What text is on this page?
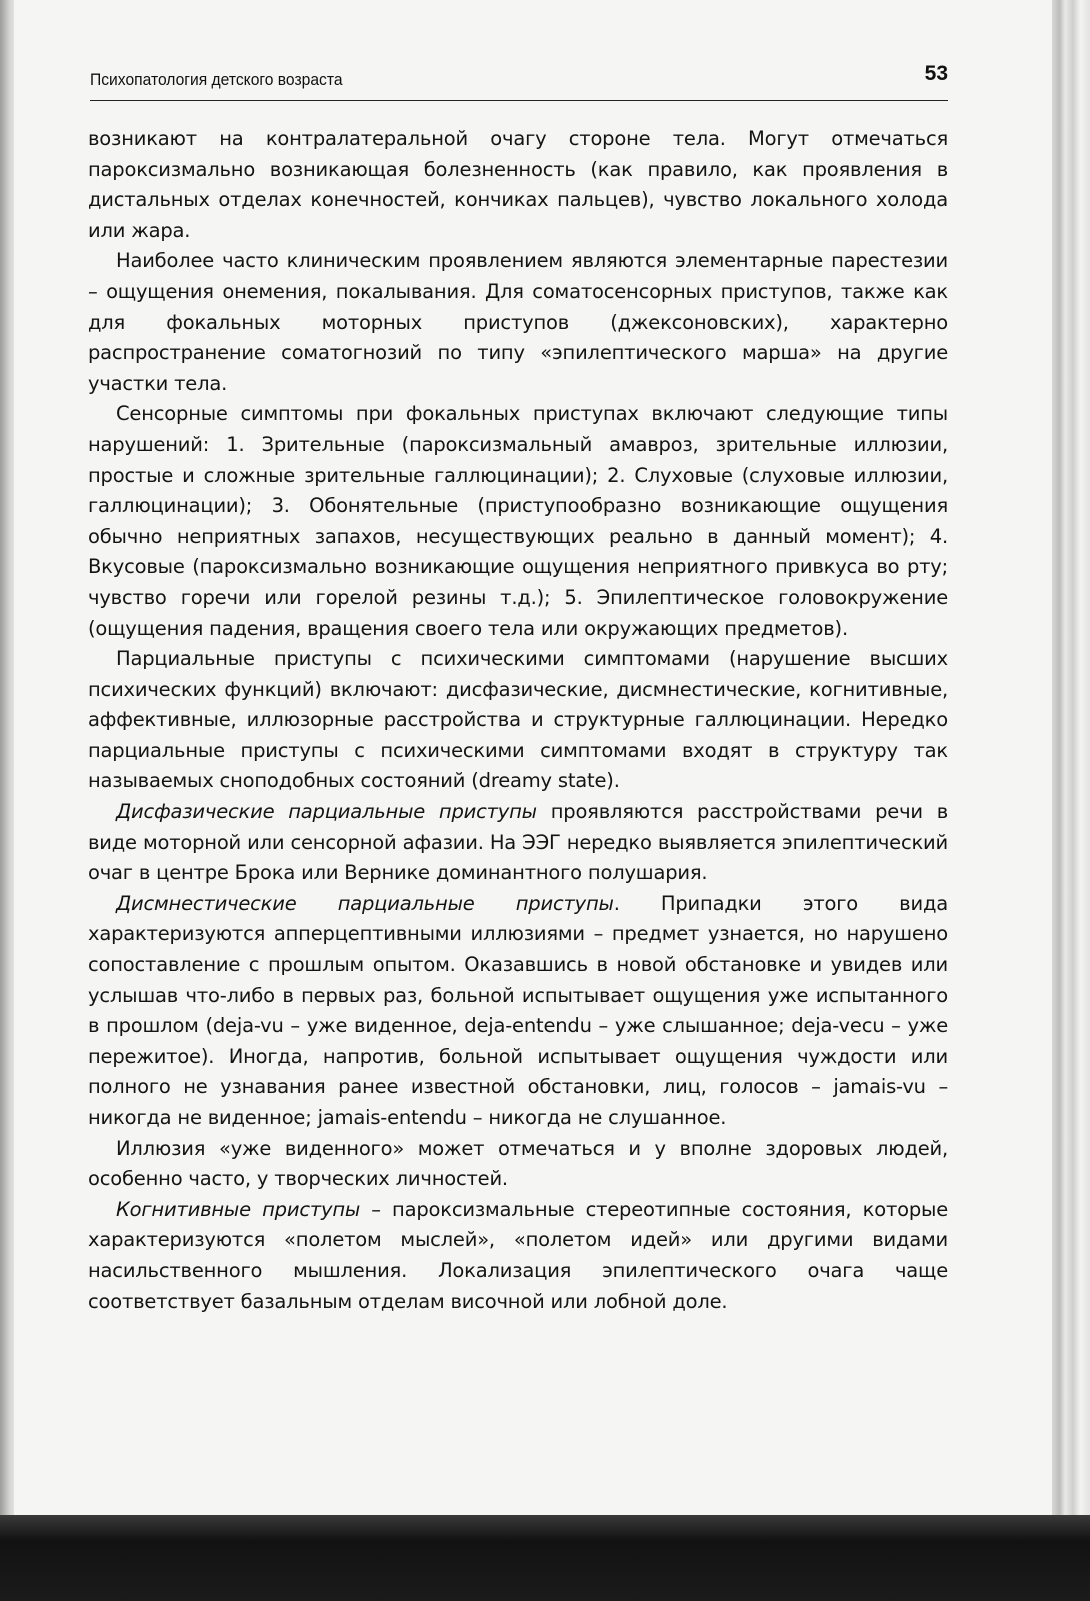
Психопатология детского возраста	53

возникают на контралатеральной очагу стороне тела. Могут отмечаться пароксизмально возникающая болезненность (как правило, как проявления в дистальных отделах конечностей, кончиках пальцев), чувство локального холода или жара.

Наиболее часто клиническим проявлением являются элементарные парестезии – ощущения онемения, покалывания. Для соматосенсорных приступов, также как для фокальных моторных приступов (джексоновских), характерно распространение соматогнозий по типу «эпилептического марша» на другие участки тела.

Сенсорные симптомы при фокальных приступах включают следующие типы нарушений: 1. Зрительные (пароксизмальный амавроз, зрительные иллюзии, простые и сложные зрительные галлюцинации); 2. Слуховые (слуховые иллюзии, галлюцинации); 3. Обонятельные (приступообразно возникающие ощущения обычно неприятных запахов, несуществующих реально в данный момент); 4. Вкусовые (пароксизмально возникающие ощущения неприятного привкуса во рту; чувство горечи или горелой резины т.д.); 5. Эпилептическое головокружение (ощущения падения, вращения своего тела или окружающих предметов).

Парциальные приступы с психическими симптомами (нарушение высших психических функций) включают: дисфазические, дисмнестические, когнитивные, аффективные, иллюзорные расстройства и структурные галлюцинации. Нередко парциальные приступы с психическими симптомами входят в структуру так называемых сноподобных состояний (dreamy state).

Дисфазические парциальные приступы проявляются расстройствами речи в виде моторной или сенсорной афазии. На ЭЭГ нередко выявляется эпилептический очаг в центре Брока или Вернике доминантного полушария.

Дисмнестические парциальные приступы. Припадки этого вида характеризуются апперцептивными иллюзиями – предмет узнается, но нарушено сопоставление с прошлым опытом. Оказавшись в новой обстановке и увидев или услышав что-либо в первых раз, больной испытывает ощущения уже испытанного в прошлом (deja-vu – уже виденное, deja-entendu – уже слышанное; deja-vecu – уже пережитое). Иногда, напротив, больной испытывает ощущения чуждости или полного не узнавания ранее известной обстановки, лиц, голосов – jamais-vu – никогда не виденное; jamais-entendu – никогда не слушанное.

Иллюзия «уже виденного» может отмечаться и у вполне здоровых людей, особенно часто, у творческих личностей.

Когнитивные приступы – пароксизмальные стереотипные состояния, которые характеризуются «полетом мыслей», «полетом идей» или другими видами насильственного мышления. Локализация эпилептического очага чаще соответствует базальным отделам височной или лобной доле.
